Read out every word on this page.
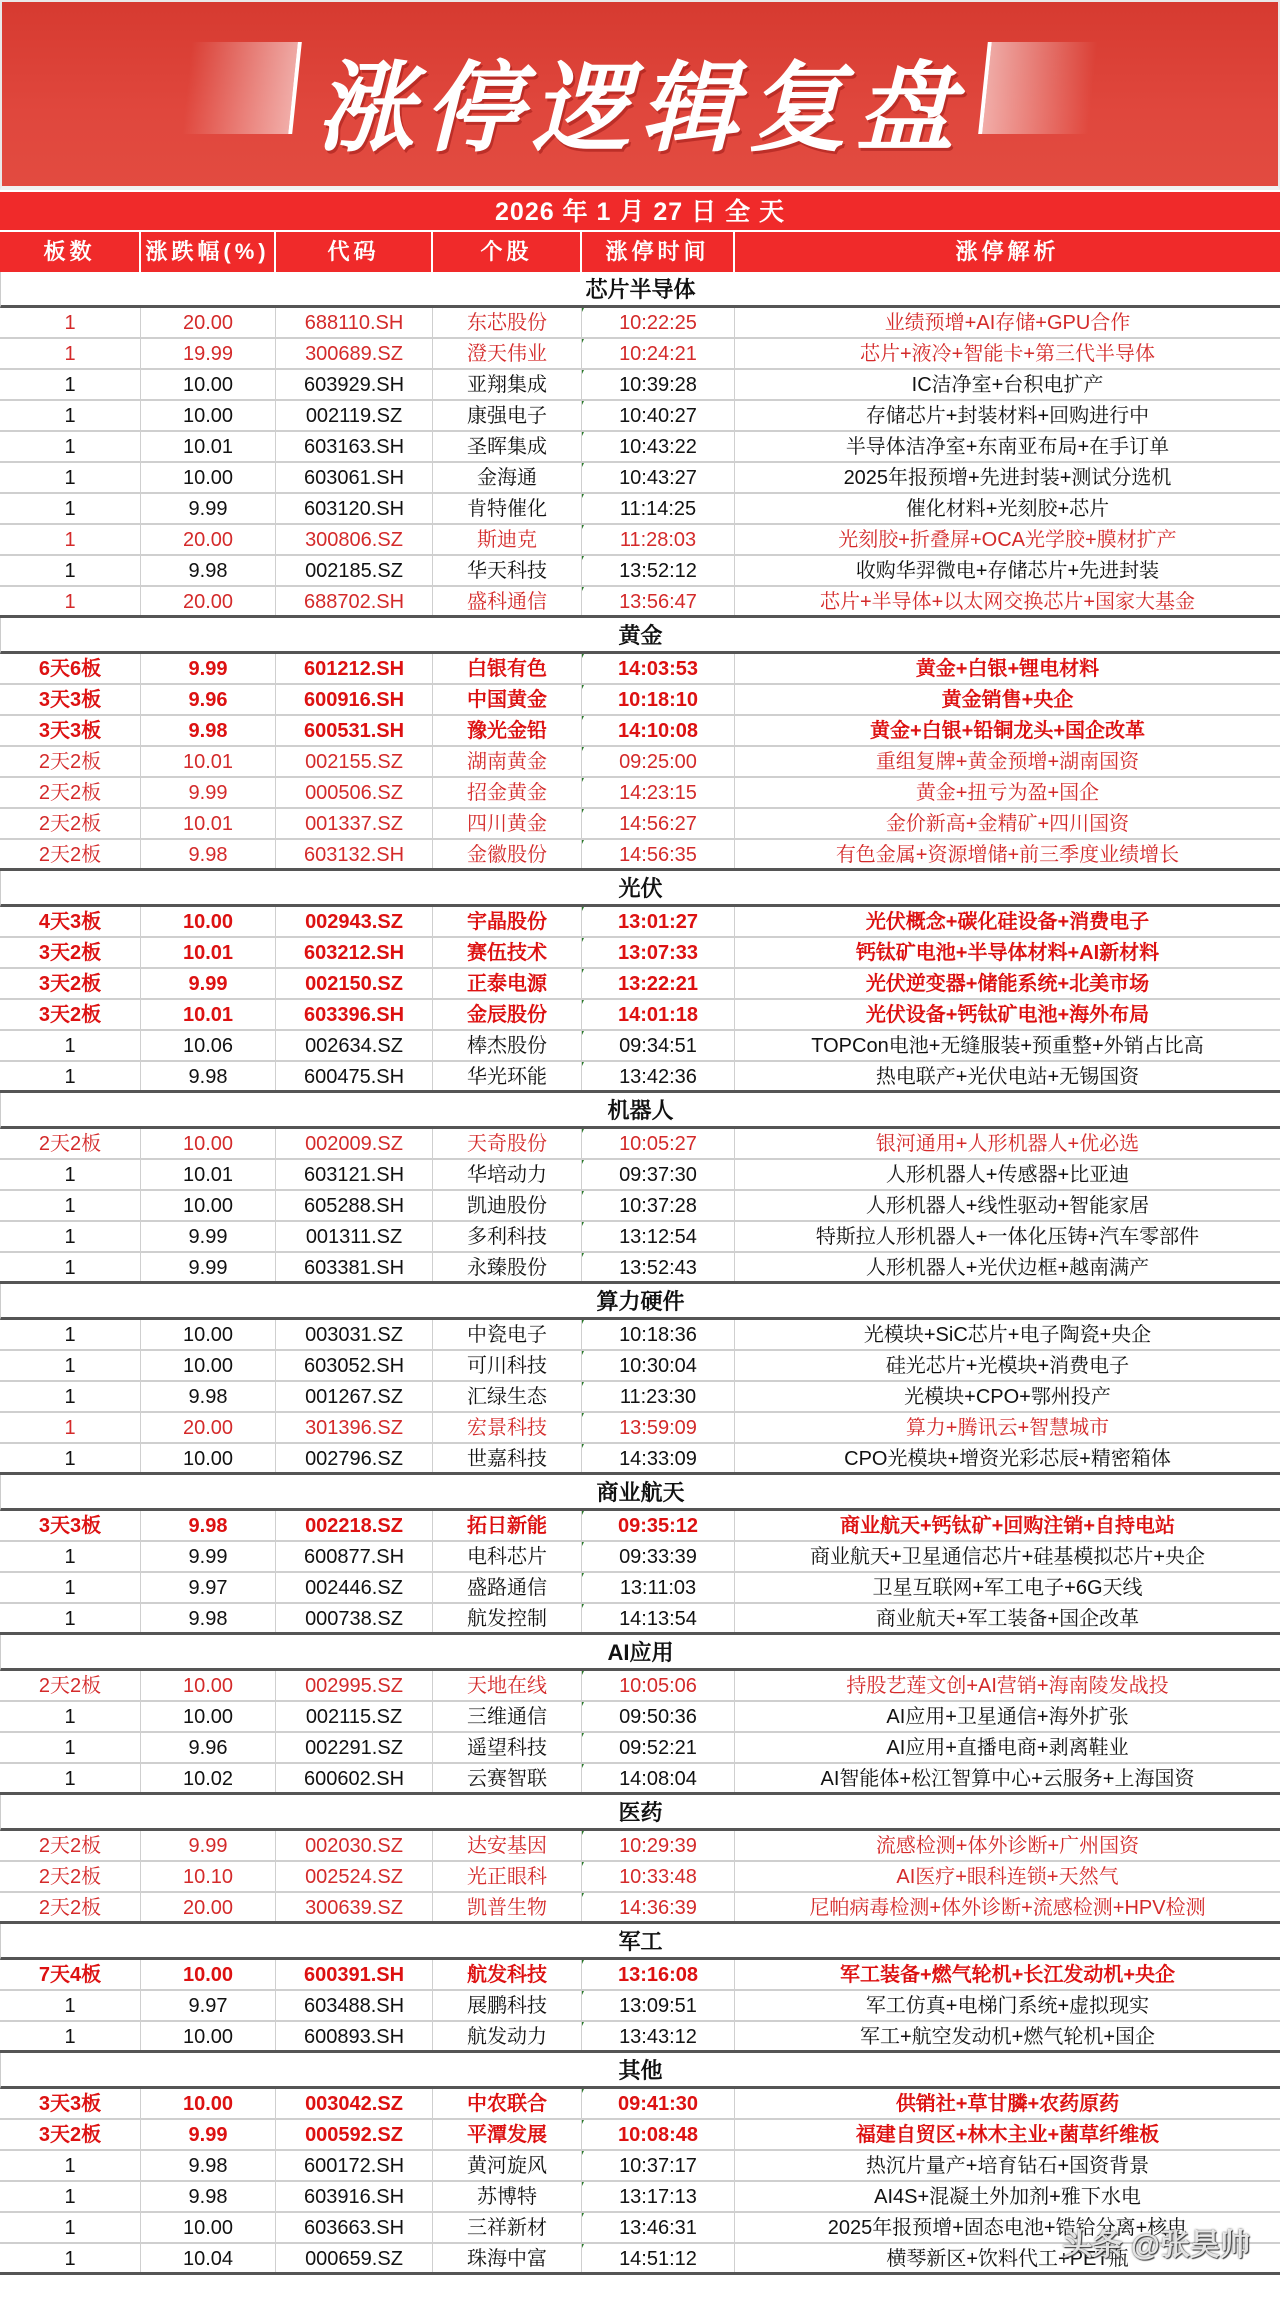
涨停逻辑复盘
2026 年 1 月 27 日 全 天
板数	涨跌幅(%)	代码	个股	涨停时间	涨停解析
芯片半导体
1	20.00	688110.SH	东芯股份	10:22:25	业绩预增+AI存储+GPU合作
1	19.99	300689.SZ	澄天伟业	10:24:21	芯片+液冷+智能卡+第三代半导体
1	10.00	603929.SH	亚翔集成	10:39:28	IC洁净室+台积电扩产
1	10.00	002119.SZ	康强电子	10:40:27	存储芯片+封装材料+回购进行中
1	10.01	603163.SH	圣晖集成	10:43:22	半导体洁净室+东南亚布局+在手订单
1	10.00	603061.SH	金海通	10:43:27	2025年报预增+先进封装+测试分选机
1	9.99	603120.SH	肯特催化	11:14:25	催化材料+光刻胶+芯片
1	20.00	300806.SZ	斯迪克	11:28:03	光刻胶+折叠屏+OCA光学胶+膜材扩产
1	9.98	002185.SZ	华天科技	13:52:12	收购华羿微电+存储芯片+先进封装
1	20.00	688702.SH	盛科通信	13:56:47	芯片+半导体+以太网交换芯片+国家大基金
黄金
6天6板	9.99	601212.SH	白银有色	14:03:53	黄金+白银+锂电材料
3天3板	9.96	600916.SH	中国黄金	10:18:10	黄金销售+央企
3天3板	9.98	600531.SH	豫光金铅	14:10:08	黄金+白银+铅铜龙头+国企改革
2天2板	10.01	002155.SZ	湖南黄金	09:25:00	重组复牌+黄金预增+湖南国资
2天2板	9.99	000506.SZ	招金黄金	14:23:15	黄金+扭亏为盈+国企
2天2板	10.01	001337.SZ	四川黄金	14:56:27	金价新高+金精矿+四川国资
2天2板	9.98	603132.SH	金徽股份	14:56:35	有色金属+资源增储+前三季度业绩增长
光伏
4天3板	10.00	002943.SZ	宇晶股份	13:01:27	光伏概念+碳化硅设备+消费电子
3天2板	10.01	603212.SH	赛伍技术	13:07:33	钙钛矿电池+半导体材料+AI新材料
3天2板	9.99	002150.SZ	正泰电源	13:22:21	光伏逆变器+储能系统+北美市场
3天2板	10.01	603396.SH	金辰股份	14:01:18	光伏设备+钙钛矿电池+海外布局
1	10.06	002634.SZ	棒杰股份	09:34:51	TOPCon电池+无缝服装+预重整+外销占比高
1	9.98	600475.SH	华光环能	13:42:36	热电联产+光伏电站+无锡国资
机器人
2天2板	10.00	002009.SZ	天奇股份	10:05:27	银河通用+人形机器人+优必选
1	10.01	603121.SH	华培动力	09:37:30	人形机器人+传感器+比亚迪
1	10.00	605288.SH	凯迪股份	10:37:28	人形机器人+线性驱动+智能家居
1	9.99	001311.SZ	多利科技	13:12:54	特斯拉人形机器人+一体化压铸+汽车零部件
1	9.99	603381.SH	永臻股份	13:52:43	人形机器人+光伏边框+越南满产
算力硬件
1	10.00	003031.SZ	中瓷电子	10:18:36	光模块+SiC芯片+电子陶瓷+央企
1	10.00	603052.SH	可川科技	10:30:04	硅光芯片+光模块+消费电子
1	9.98	001267.SZ	汇绿生态	11:23:30	光模块+CPO+鄂州投产
1	20.00	301396.SZ	宏景科技	13:59:09	算力+腾讯云+智慧城市
1	10.00	002796.SZ	世嘉科技	14:33:09	CPO光模块+增资光彩芯辰+精密箱体
商业航天
3天3板	9.98	002218.SZ	拓日新能	09:35:12	商业航天+钙钛矿+回购注销+自持电站
1	9.99	600877.SH	电科芯片	09:33:39	商业航天+卫星通信芯片+硅基模拟芯片+央企
1	9.97	002446.SZ	盛路通信	13:11:03	卫星互联网+军工电子+6G天线
1	9.98	000738.SZ	航发控制	14:13:54	商业航天+军工装备+国企改革
AI应用
2天2板	10.00	002995.SZ	天地在线	10:05:06	持股艺莲文创+AI营销+海南陵发战投
1	10.00	002115.SZ	三维通信	09:50:36	AI应用+卫星通信+海外扩张
1	9.96	002291.SZ	遥望科技	09:52:21	AI应用+直播电商+剥离鞋业
1	10.02	600602.SH	云赛智联	14:08:04	AI智能体+松江智算中心+云服务+上海国资
医药
2天2板	9.99	002030.SZ	达安基因	10:29:39	流感检测+体外诊断+广州国资
2天2板	10.10	002524.SZ	光正眼科	10:33:48	AI医疗+眼科连锁+天然气
2天2板	20.00	300639.SZ	凯普生物	14:36:39	尼帕病毒检测+体外诊断+流感检测+HPV检测
军工
7天4板	10.00	600391.SH	航发科技	13:16:08	军工装备+燃气轮机+长江发动机+央企
1	9.97	603488.SH	展鹏科技	13:09:51	军工仿真+电梯门系统+虚拟现实
1	10.00	600893.SH	航发动力	13:43:12	军工+航空发动机+燃气轮机+国企
其他
3天3板	10.00	003042.SZ	中农联合	09:41:30	供销社+草甘膦+农药原药
3天2板	9.99	000592.SZ	平潭发展	10:08:48	福建自贸区+林木主业+菌草纤维板
1	9.98	600172.SH	黄河旋风	10:37:17	热沉片量产+培育钻石+国资背景
1	9.98	603916.SH	苏博特	13:17:13	AI4S+混凝土外加剂+雅下水电
1	10.00	603663.SH	三祥新材	13:46:31	2025年报预增+固态电池+锆铪分离+核电
1	10.04	000659.SZ	珠海中富	14:51:12	横琴新区+饮料代工+PET瓶
头条 @张昊帅
